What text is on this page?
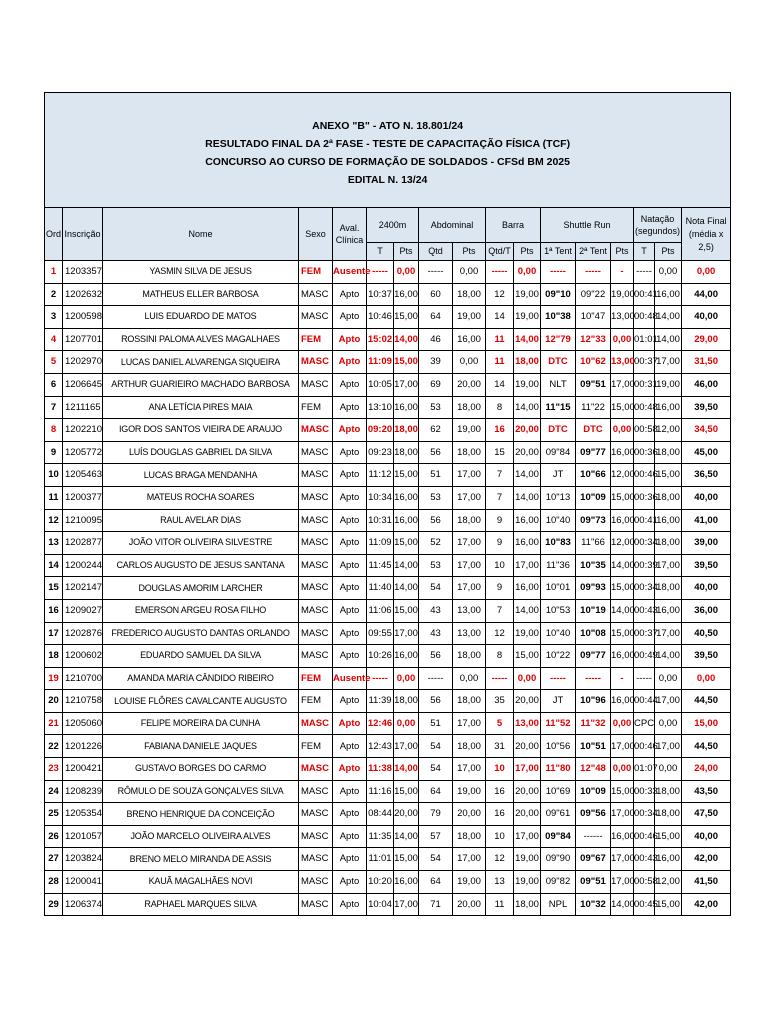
ANEXO "B" - ATO N. 18.801/24
RESULTADO FINAL DA 2ª FASE - TESTE DE CAPACITAÇÃO FÍSICA (TCF)
CONCURSO AO CURSO DE FORMAÇÃO DE SOLDADOS - CFSd BM 2025
EDITAL N. 13/24																

Ord	Inscrição	Nome	Sexo	Aval. Clínica	2400m		Abdominal		Barra		Shuttle Run			Natação (segundos)		Nota Final (média x 2,5)
					T	Pts	Qtd	Pts	Qtd/T	Pts	1ª Tent	2ª Tent	Pts	T	Pts	
1	1203357	YASMIN SILVA DE JESUS	FEM	Ausente	-----	0,00	-----	0,00	-----	0,00	-----	-----	-	-----	0,00	0,00
2	1202632	MATHEUS ELLER BARBOSA	MASC	Apto	10:37	16,00	60	18,00	12	19,00	09"10	09"22	19,00	00:41	16,00	44,00
3	1200598	LUIS EDUARDO DE MATOS	MASC	Apto	10:46	15,00	64	19,00	14	19,00	10"38	10"47	13,00	00:48	14,00	40,00
4	1207701	ROSSINI PALOMA ALVES MAGALHAES	FEM	Apto	15:02	14,00	46	16,00	11	14,00	12"79	12"33	0,00	01:01	14,00	29,00
5	1202970	LUCAS DANIEL ALVARENGA SIQUEIRA	MASC	Apto	11:09	15,00	39	0,00	11	18,00	DTC	10"62	13,00	00:37	17,00	31,50
6	1206645	ARTHUR GUARIEIRO MACHADO BARBOSA	MASC	Apto	10:05	17,00	69	20,00	14	19,00	NLT	09"51	17,00	00:31	19,00	46,00
7	1211165	ANA LETÍCIA PIRES MAIA	FEM	Apto	13:10	16,00	53	18,00	8	14,00	11"15	11"22	15,00	00:48	16,00	39,50
8	1202210	IGOR DOS SANTOS VIEIRA DE ARAUJO	MASC	Apto	09:20	18,00	62	19,00	16	20,00	DTC	DTC	0,00	00:58	12,00	34,50
9	1205772	LUÍS DOUGLAS GABRIEL DA SILVA	MASC	Apto	09:23	18,00	56	18,00	15	20,00	09"84	09"77	16,00	00:36	18,00	45,00
10	1205463	LUCAS BRAGA MENDANHA	MASC	Apto	11:12	15,00	51	17,00	7	14,00	JT	10"66	12,00	00:46	15,00	36,50
11	1200377	MATEUS ROCHA SOARES	MASC	Apto	10:34	16,00	53	17,00	7	14,00	10"13	10"09	15,00	00:36	18,00	40,00
12	1210095	RAUL AVELAR DIAS	MASC	Apto	10:31	16,00	56	18,00	9	16,00	10"40	09"73	16,00	00:41	16,00	41,00
13	1202877	JOÃO VITOR OLIVEIRA SILVESTRE	MASC	Apto	11:09	15,00	52	17,00	9	16,00	10"83	11"66	12,00	00:34	18,00	39,00
14	1200244	CARLOS AUGUSTO DE JESUS SANTANA	MASC	Apto	11:45	14,00	53	17,00	10	17,00	11"36	10"35	14,00	00:39	17,00	39,50
15	1202147	DOUGLAS AMORIM LARCHER	MASC	Apto	11:40	14,00	54	17,00	9	16,00	10"01	09"93	15,00	00:34	18,00	40,00
16	1209027	EMERSON ARGEU ROSA FILHO	MASC	Apto	11:06	15,00	43	13,00	7	14,00	10"53	10"19	14,00	00:43	16,00	36,00
17	1202876	FREDERICO AUGUSTO DANTAS ORLANDO	MASC	Apto	09:55	17,00	43	13,00	12	19,00	10"40	10"08	15,00	00:37	17,00	40,50
18	1200602	EDUARDO SAMUEL DA SILVA	MASC	Apto	10:26	16,00	56	18,00	8	15,00	10"22	09"77	16,00	00:49	14,00	39,50
19	1210700	AMANDA MARIA CÂNDIDO RIBEIRO	FEM	Ausente	-----	0,00	-----	0,00	-----	0,00	-----	-----	-	-----	0,00	0,00
20	1210758	LOUISE FLÔRES CAVALCANTE AUGUSTO	FEM	Apto	11:39	18,00	56	18,00	35	20,00	JT	10"96	16,00	00:44	17,00	44,50
21	1205060	FELIPE MOREIRA DA CUNHA	MASC	Apto	12:46	0,00	51	17,00	5	13,00	11"52	11"32	0,00	CPC	0,00	15,00
22	1201226	FABIANA DANIELE JAQUES	FEM	Apto	12:43	17,00	54	18,00	31	20,00	10"56	10"51	17,00	00:46	17,00	44,50
23	1200421	GUSTAVO BORGES DO CARMO	MASC	Apto	11:38	14,00	54	17,00	10	17,00	11"80	12"48	0,00	01:07	0,00	24,00
24	1208239	RÔMULO DE SOUZA GONÇALVES SILVA	MASC	Apto	11:16	15,00	64	19,00	16	20,00	10"69	10"09	15,00	00:33	18,00	43,50
25	1205354	BRENO HENRIQUE DA CONCEIÇÃO	MASC	Apto	08:44	20,00	79	20,00	16	20,00	09"61	09"56	17,00	00:34	18,00	47,50
26	1201057	JOÃO MARCELO OLIVEIRA ALVES	MASC	Apto	11:35	14,00	57	18,00	10	17,00	09"84	------	16,00	00:46	15,00	40,00
27	1203824	BRENO MELO MIRANDA DE ASSIS	MASC	Apto	11:01	15,00	54	17,00	12	19,00	09"90	09"67	17,00	00:43	16,00	42,00
28	1200041	KAUÃ MAGALHÃES NOVI	MASC	Apto	10:20	16,00	64	19,00	13	19,00	09"82	09"51	17,00	00:58	12,00	41,50
29	1206374	RAPHAEL MARQUES SILVA	MASC	Apto	10:04	17,00	71	20,00	11	18,00	NPL	10"32	14,00	00:45	15,00	42,00
